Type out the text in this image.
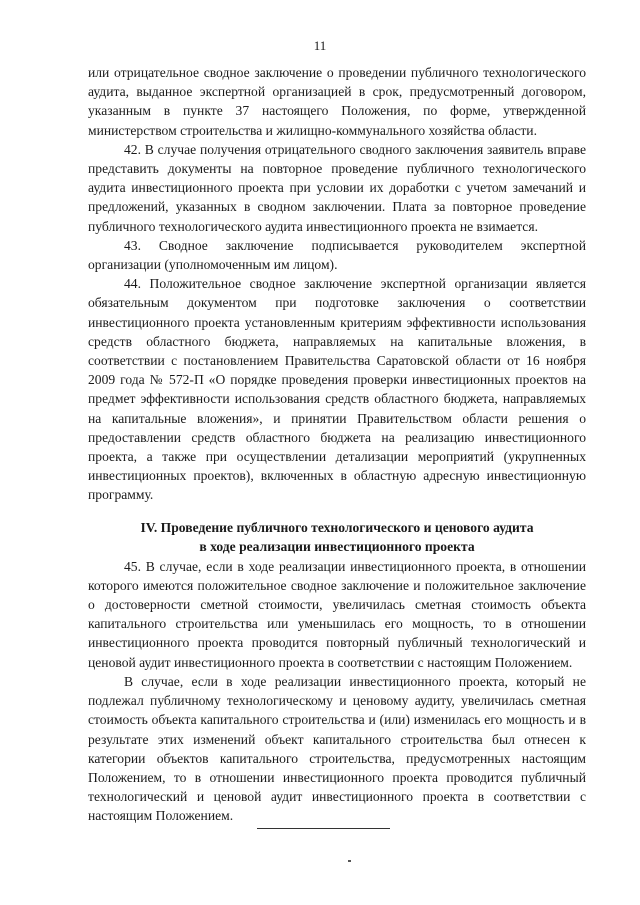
11

или отрицательное сводное заключение о проведении публичного технологического аудита, выданное экспертной организацией в срок, предусмотренный договором, указанным в пункте 37 настоящего Положения, по форме, утвержденной министерством строительства и жилищно-коммунального хозяйства области.

42. В случае получения отрицательного сводного заключения заявитель вправе представить документы на повторное проведение публичного технологического аудита инвестиционного проекта при условии их доработки с учетом замечаний и предложений, указанных в сводном заключении. Плата за повторное проведение публичного технологического аудита инвестиционного проекта не взимается.

43. Сводное заключение подписывается руководителем экспертной организации (уполномоченным им лицом).

44. Положительное сводное заключение экспертной организации является обязательным документом при подготовке заключения о соответствии инвестиционного проекта установленным критериям эффективности использования средств областного бюджета, направляемых на капитальные вложения, в соответствии с постановлением Правительства Саратовской области от 16 ноября 2009 года № 572-П «О порядке проведения проверки инвестиционных проектов на предмет эффективности использования средств областного бюджета, направляемых на капитальные вложения», и принятии Правительством области решения о предоставлении средств областного бюджета на реализацию инвестиционного проекта, а также при осуществлении детализации мероприятий (укрупненных инвестиционных проектов), включенных в областную адресную инвестиционную программу.

IV. Проведение публичного технологического и ценового аудита
в ходе реализации инвестиционного проекта

45. В случае, если в ходе реализации инвестиционного проекта, в отношении которого имеются положительное сводное заключение и положительное заключение о достоверности сметной стоимости, увеличилась сметная стоимость объекта капитального строительства или уменьшилась его мощность, то в отношении инвестиционного проекта проводится повторный публичный технологический и ценовой аудит инвестиционного проекта в соответствии с настоящим Положением.

В случае, если в ходе реализации инвестиционного проекта, который не подлежал публичному технологическому и ценовому аудиту, увеличилась сметная стоимость объекта капитального строительства и (или) изменилась его мощность и в результате этих изменений объект капитального строительства был отнесен к категории объектов капитального строительства, предусмотренных настоящим Положением, то в отношении инвестиционного проекта проводится публичный технологический и ценовой аудит инвестиционного проекта в соответствии с настоящим Положением.
